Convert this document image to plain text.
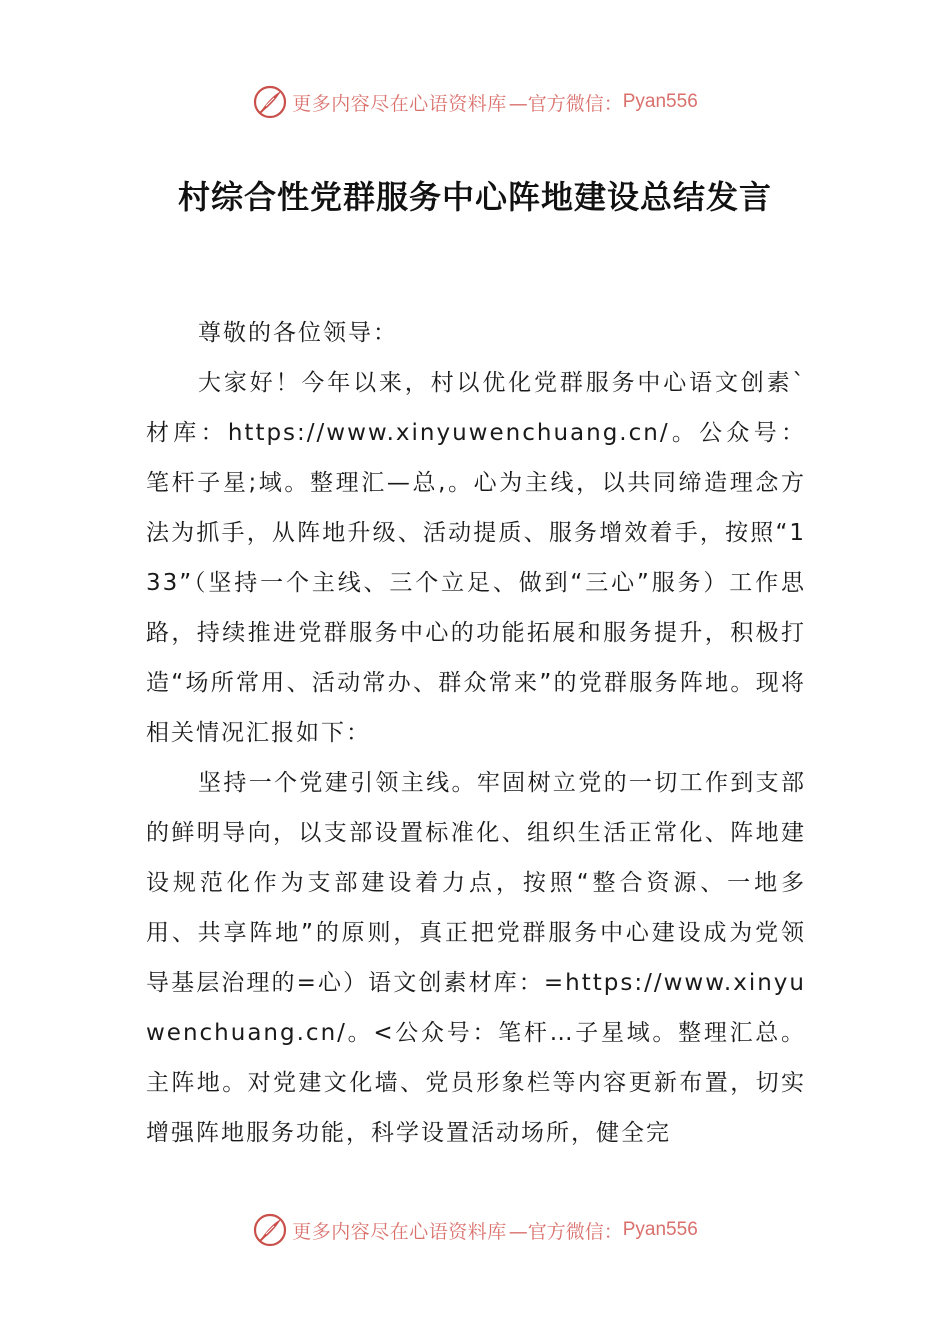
更多内容尽在心语资料库 —官方微信： Pyan556
村综合性党群服务中心阵地建设总结发言

尊敬的各位领导：

大家好！今年以来，村以优化党群服务中心语文创素`材库：https://www.xinyuwenchuang.cn/。公众号：笔杆子星;域。整理汇—总,。心为主线，以共同缔造理念方法为抓手，从阵地升级、活动提质、服务增效着手，按照“133”（坚持一个主线、三个立足、做到“三心”服务）工作思路，持续推进党群服务中心的功能拓展和服务提升，积极打造“场所常用、活动常办、群众常来”的党群服务阵地。现将相关情况汇报如下：

坚持一个党建引领主线。牢固树立党的一切工作到支部的鲜明导向，以支部设置标准化、组织生活正常化、阵地建设规范化作为支部建设着力点，按照“整合资源、一地多用、共享阵地”的原则，真正把党群服务中心建设成为党领导基层治理的=心）语文创素材库：=https://www.xinyuwenchuang.cn/。<公众号：笔杆…子星域。整理汇总。主阵地。对党建文化墙、党员形象栏等内容更新布置，切实增强阵地服务功能，科学设置活动场所，健全完

更多内容尽在心语资料库 —官方微信： Pyan556
